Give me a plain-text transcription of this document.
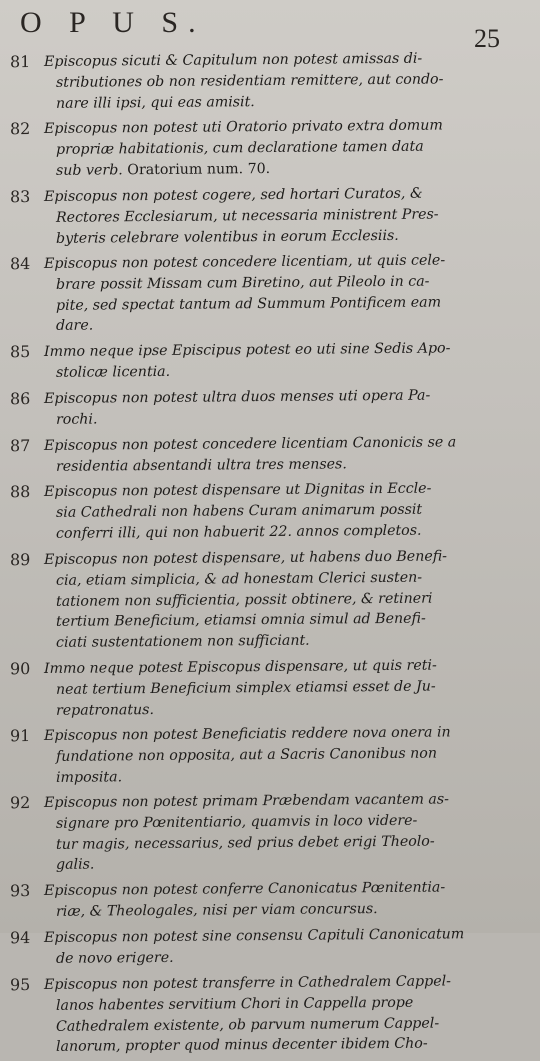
O P U S.	25
81 Episcopus sicuti & Capitulum non potest amissas di-
stributiones ob non residentiam remittere, aut condo-
nare illi ipsi, qui eas amisit.
82 Episcopus non potest uti Oratorio privato extra domum
propriæ habitationis, cum declaratione tamen data
sub verb. Oratorium num. 70.
83 Episcopus non potest cogere, sed hortari Curatos, &
Rectores Ecclesiarum, ut necessaria ministrent Pres-
byteris celebrare volentibus in eorum Ecclesiis.
84 Episcopus non potest concedere licentiam, ut quis cele-
brare possit Missam cum Biretino, aut Pileolo in ca-
pite, sed spectat tantum ad Summum Pontificem eam
dare.
85 Immo neque ipse Episcipus potest eo uti sine Sedis Apo-
stolicæ licentia.
86 Episcopus non potest ultra duos menses uti opera Pa-
rochi.
87 Episcopus non potest concedere licentiam Canonicis se a
residentia absentandi ultra tres menses.
88 Episcopus non potest dispensare ut Dignitas in Eccle-
sia Cathedrali non habens Curam animarum possit
conferri illi, qui non habuerit 22. annos completos.
89 Episcopus non potest dispensare, ut habens duo Benefi-
cia, etiam simplicia, & ad honestam Clerici susten-
tationem non sufficientia, possit obtinere, & retineri
tertium Beneficium, etiamsi omnia simul ad Benefi-
ciati sustentationem non sufficiant.
90 Immo neque potest Episcopus dispensare, ut quis reti-
neat tertium Beneficium simplex etiamsi esset de Ju-
repatronatus.
91 Episcopus non potest Beneficiatis reddere nova onera in
fundatione non opposita, aut a Sacris Canonibus non
imposita.
92 Episcopus non potest primam Præbendam vacantem as-
signare pro Pœnitentiario, quamvis in loco videre-
tur magis, necessarius, sed prius debet erigi Theolo-
galis.
93 Episcopus non potest conferre Canonicatus Pœnitentia-
riæ, & Theologales, nisi per viam concursus.
94 Episcopus non potest sine consensu Capituli Canonicatum
de novo erigere.
95 Episcopus non potest transferre in Cathedralem Cappel-
lanos habentes servitium Chori in Cappella prope
Cathedralem existente, ob parvum numerum Cappel-
lanorum, propter quod minus decenter ibidem Cho-
